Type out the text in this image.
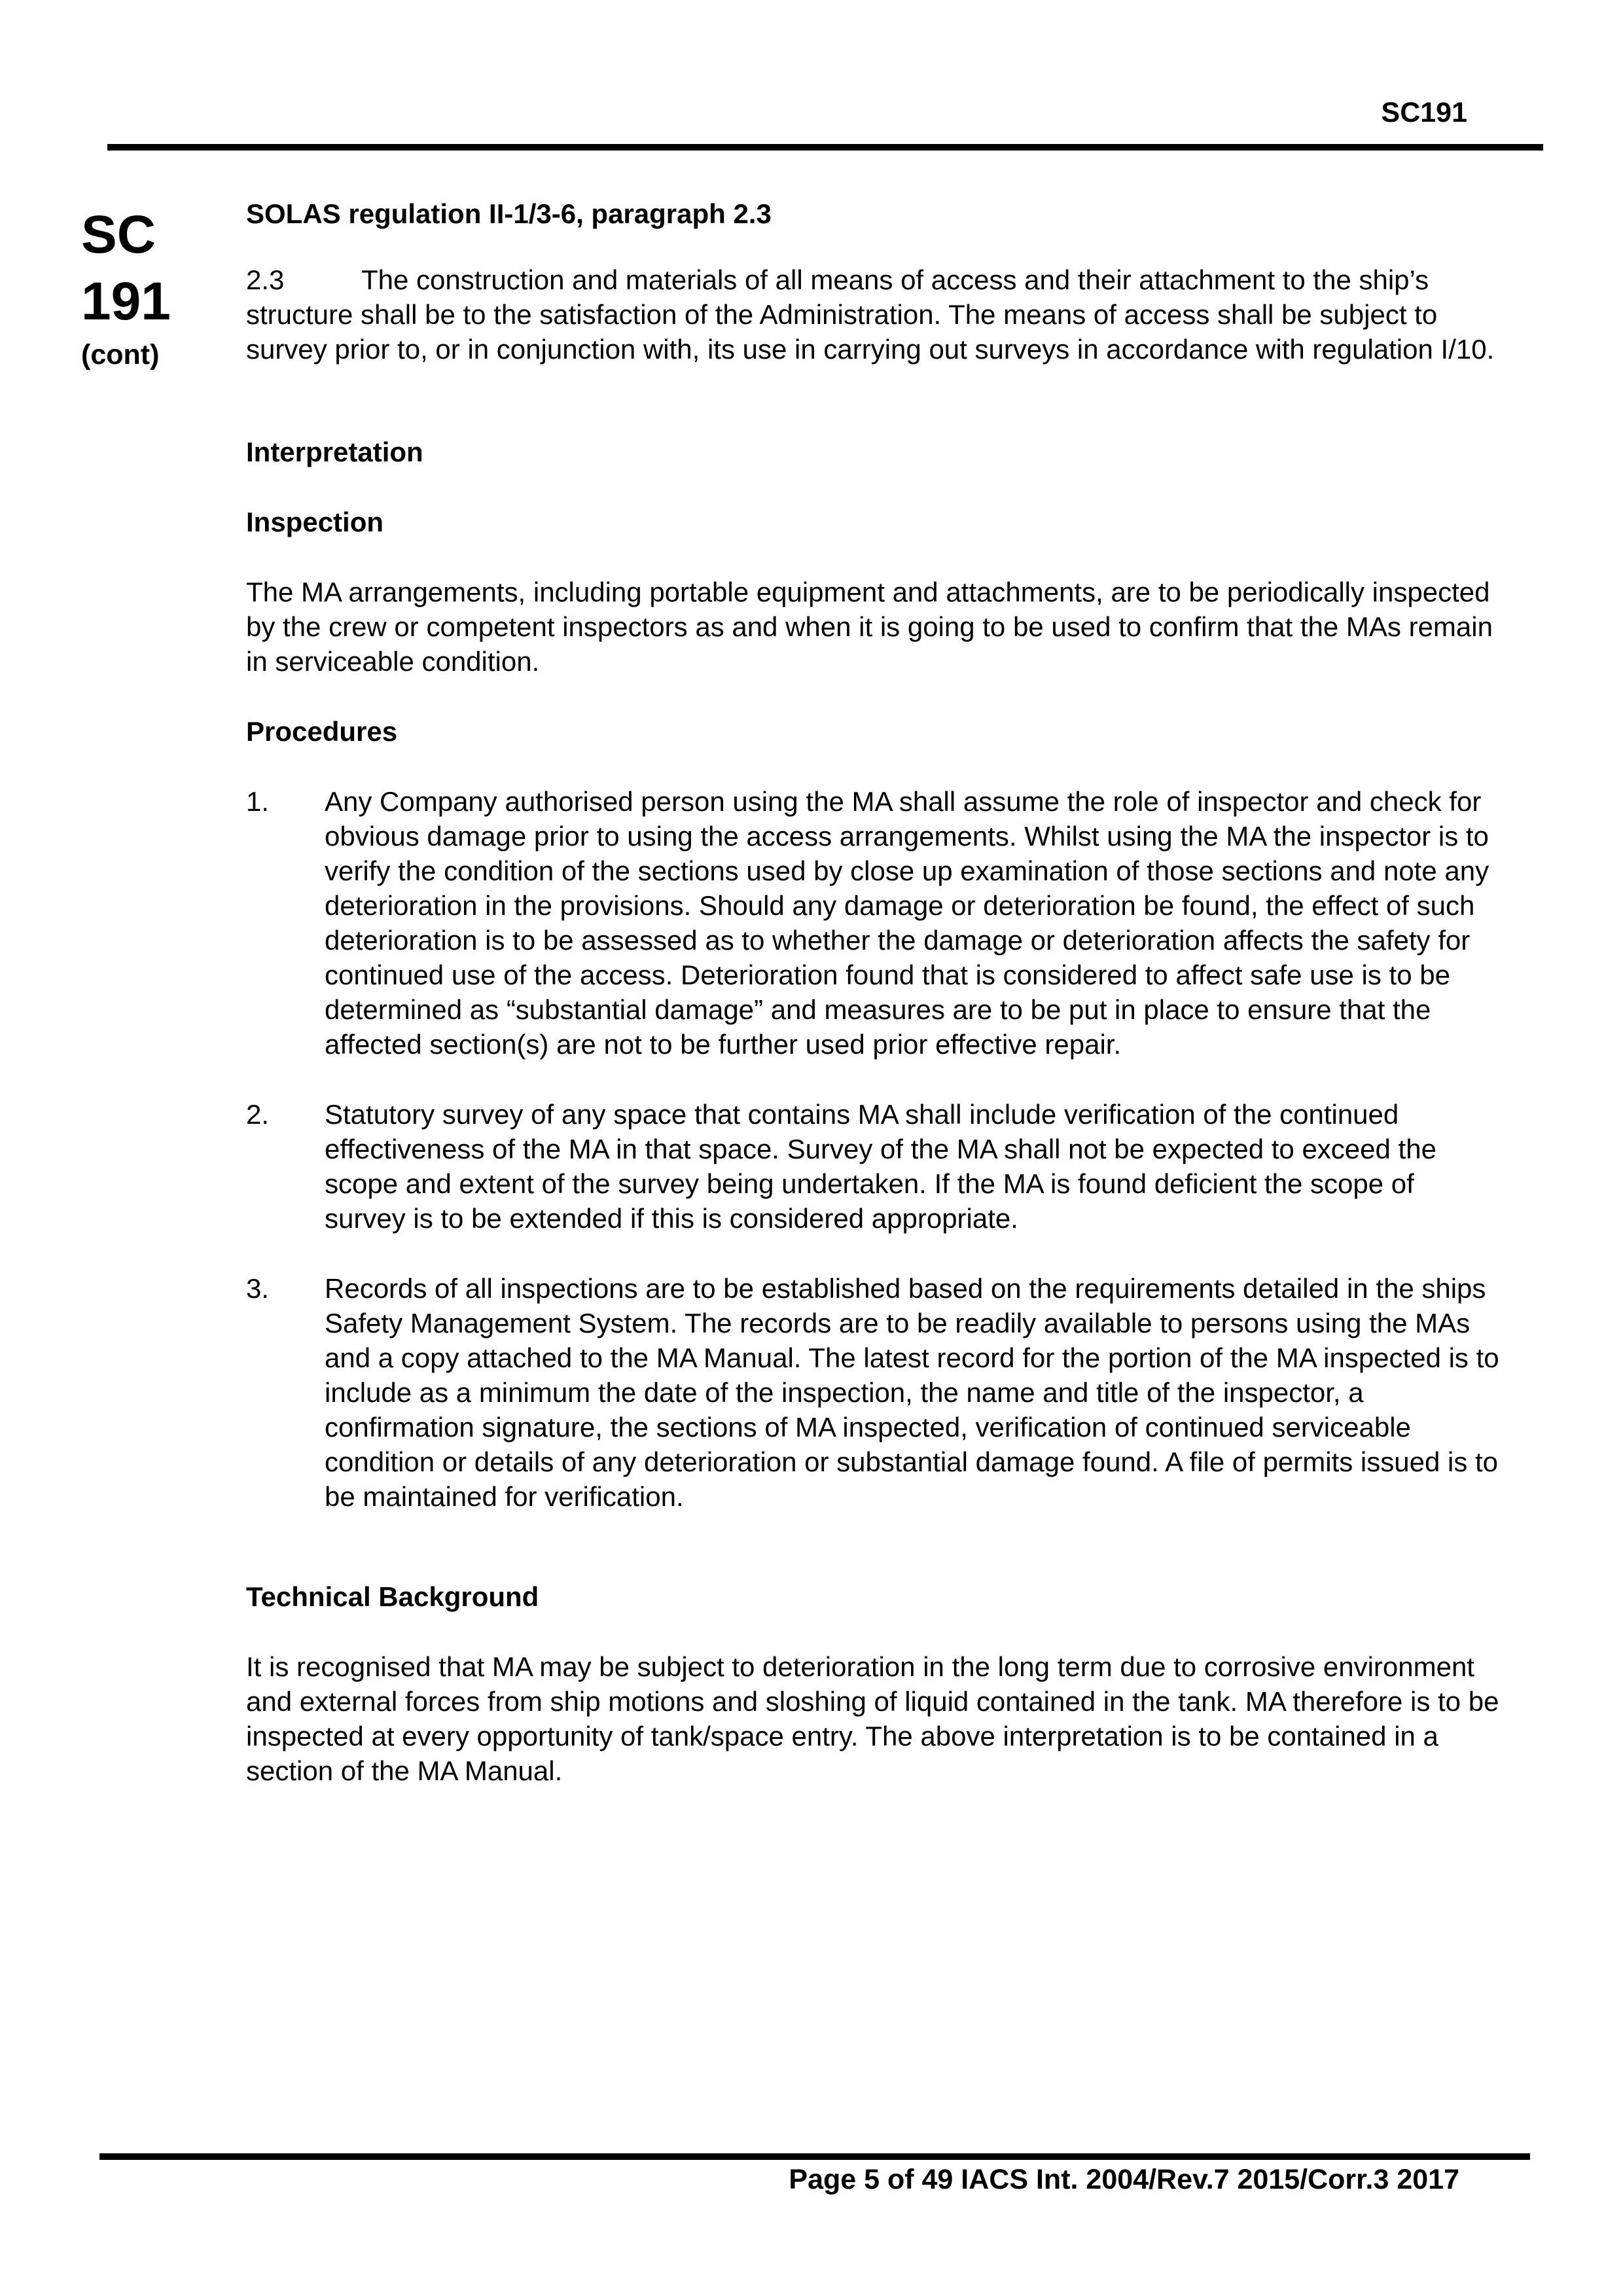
SC191
SC
191
(cont)

SOLAS regulation II-1/3-6, paragraph 2.3

2.3	The construction and materials of all means of access and their attachment to the ship’s structure shall be to the satisfaction of the Administration. The means of access shall be subject to survey prior to, or in conjunction with, its use in carrying out surveys in accordance with regulation I/10.

Interpretation

Inspection

The MA arrangements, including portable equipment and attachments, are to be periodically inspected by the crew or competent inspectors as and when it is going to be used to confirm that the MAs remain in serviceable condition.

Procedures

1. Any Company authorised person using the MA shall assume the role of inspector and check for obvious damage prior to using the access arrangements. Whilst using the MA the inspector is to verify the condition of the sections used by close up examination of those sections and note any deterioration in the provisions. Should any damage or deterioration be found, the effect of such deterioration is to be assessed as to whether the damage or deterioration affects the safety for continued use of the access. Deterioration found that is considered to affect safe use is to be determined as “substantial damage” and measures are to be put in place to ensure that the affected section(s) are not to be further used prior effective repair.
2. Statutory survey of any space that contains MA shall include verification of the continued effectiveness of the MA in that space. Survey of the MA shall not be expected to exceed the scope and extent of the survey being undertaken. If the MA is found deficient the scope of survey is to be extended if this is considered appropriate.
3. Records of all inspections are to be established based on the requirements detailed in the ships Safety Management System. The records are to be readily available to persons using the MAs and a copy attached to the MA Manual. The latest record for the portion of the MA inspected is to include as a minimum the date of the inspection, the name and title of the inspector, a confirmation signature, the sections of MA inspected, verification of continued serviceable condition or details of any deterioration or substantial damage found. A file of permits issued is to be maintained for verification.

Technical Background

It is recognised that MA may be subject to deterioration in the long term due to corrosive environment and external forces from ship motions and sloshing of liquid contained in the tank. MA therefore is to be inspected at every opportunity of tank/space entry. The above interpretation is to be contained in a section of the MA Manual.

Page 5 of 49 IACS Int. 2004/Rev.7 2015/Corr.3 2017
